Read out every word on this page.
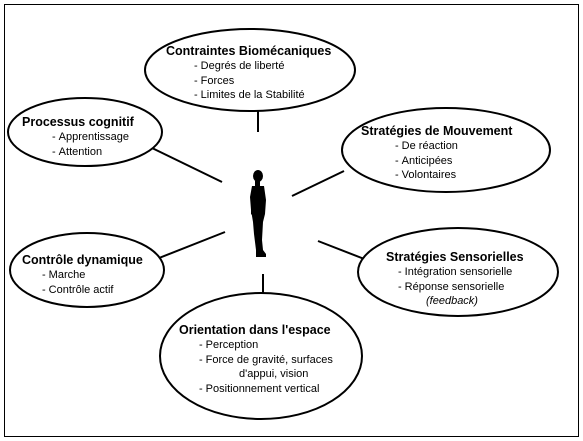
Contraintes Biomécaniques
- Degrés de liberté
- Forces
- Limites de la Stabilité
Processus cognitif
- Apprentissage
- Attention
Stratégies de Mouvement
- De réaction
- Anticipées
- Volontaires
Contrôle dynamique
- Marche
- Contrôle actif
Stratégies Sensorielles
- Intégration sensorielle
- Réponse sensorielle
(feedback)
Orientation dans l'espace
- Perception
- Force de gravité, surfaces
d'appui, vision
- Positionnement vertical
